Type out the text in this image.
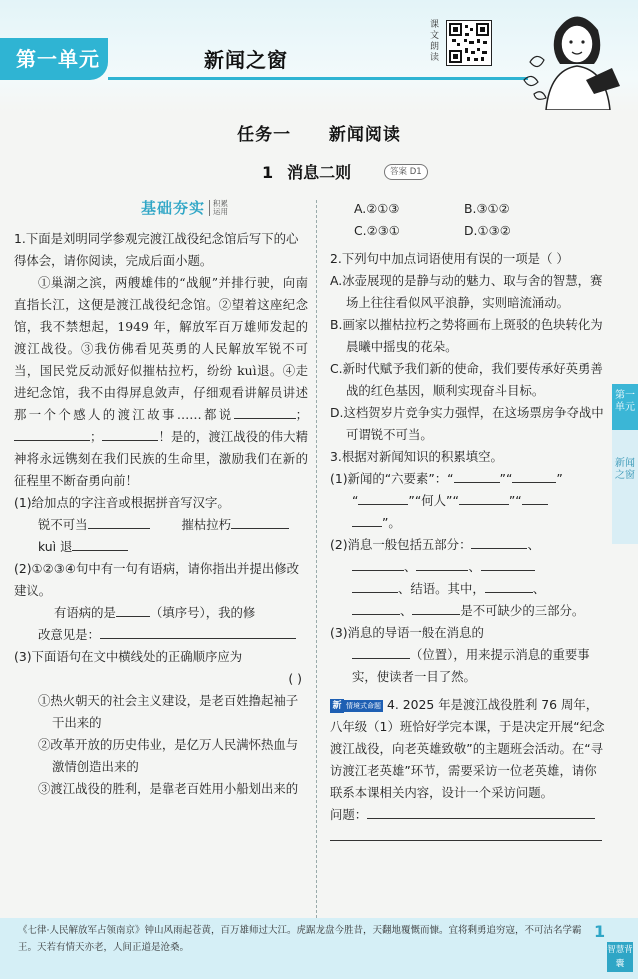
第一单元	新闻之窗
课文朗读
任务一 新闻阅读
1 消息二则	答案 D1
基础夯实	积累运用

1.下面是刘明同学参观完渡江战役纪念馆后写下的心得体会，请你阅读，完成后面小题。

①巢湖之滨，两艘雄伟的“战舰”并排行驶，向南直指长江，这便是渡江战役纪念馆。②望着这座纪念馆，我不禁想起，1949 年，解放军百万雄师发起的渡江战役。③我仿佛看见英勇的人民解放军锐不可当，国民党反动派好似摧枯拉朽，纷纷 kuì退。④走进纪念馆，我不由得屏息敛声，仔细观看讲解员讲述那一个个感人的渡江故事……都说	；；	！是的，渡江战役的伟大精神将永远镌刻在我们民族的生命里，激励我们在新的征程里不断奋勇向前！

(1)给加点的字注音或根据拼音写汉字。

锐不可当	摧枯拉朽
kuì 退

(2)①②③④句中有一句有语病，请你指出并提出修改建议。

有语病的是	（填序号），我的修
改意见是：

(3)下面语句在文中横线处的正确顺序应为

( )
①热火朝天的社会主义建设，是老百姓撸起袖子干出来的
②改革开放的历史伟业，是亿万人民满怀热血与激情创造出来的
③渡江战役的胜利，是靠老百姓用小船划出来的
A.②①③	B.③①②
C.②③①	D.①③②

2.下列句中加点词语使用有误的一项是（ ）

A.冰壶展现的是静与动的魅力、取与舍的智慧，赛场上往往看似风平浪静，实则暗流涌动。
B.画家以摧枯拉朽之势将画布上斑驳的色块转化为晨曦中摇曳的花朵。
C.新时代赋予我们新的使命，我们要传承好英勇善战的红色基因，顺利实现奋斗目标。
D.这档贺岁片竞争实力强悍，在这场票房争夺战中可谓锐不可当。

3.根据对新闻知识的积累填空。

(1)新闻的“六要素”：“	”“	”
“	”“何人”“	”“
”。
(2)消息一般包括五部分：	、
、	、
、结语。其中，	、
、	是不可缺少的三部分。
(3)消息的导语一般在消息的
（位置），用来提示消息的重要事实，使读者一目了然。
新 情境式命题 4. 2025 年是渡江战役胜利 76 周年，八年级（1）班恰好学完本课，于是决定开展“纪念渡江战役，向老英雄致敬”的主题班会活动。在“寻访渡江老英雄”环节，需要采访一位老英雄，请你联系本课相关内容，设计一个采访问题。
问题：
第一单元
新闻之窗
《七律·人民解放军占领南京》钟山风雨起苍黄，百万雄师过大江。虎踞龙盘今胜昔，天翻地覆慨而慷。宜将剩勇追穷寇，不可沽名学霸王。天若有情天亦老，人间正道是沧桑。
1
智慧背囊
